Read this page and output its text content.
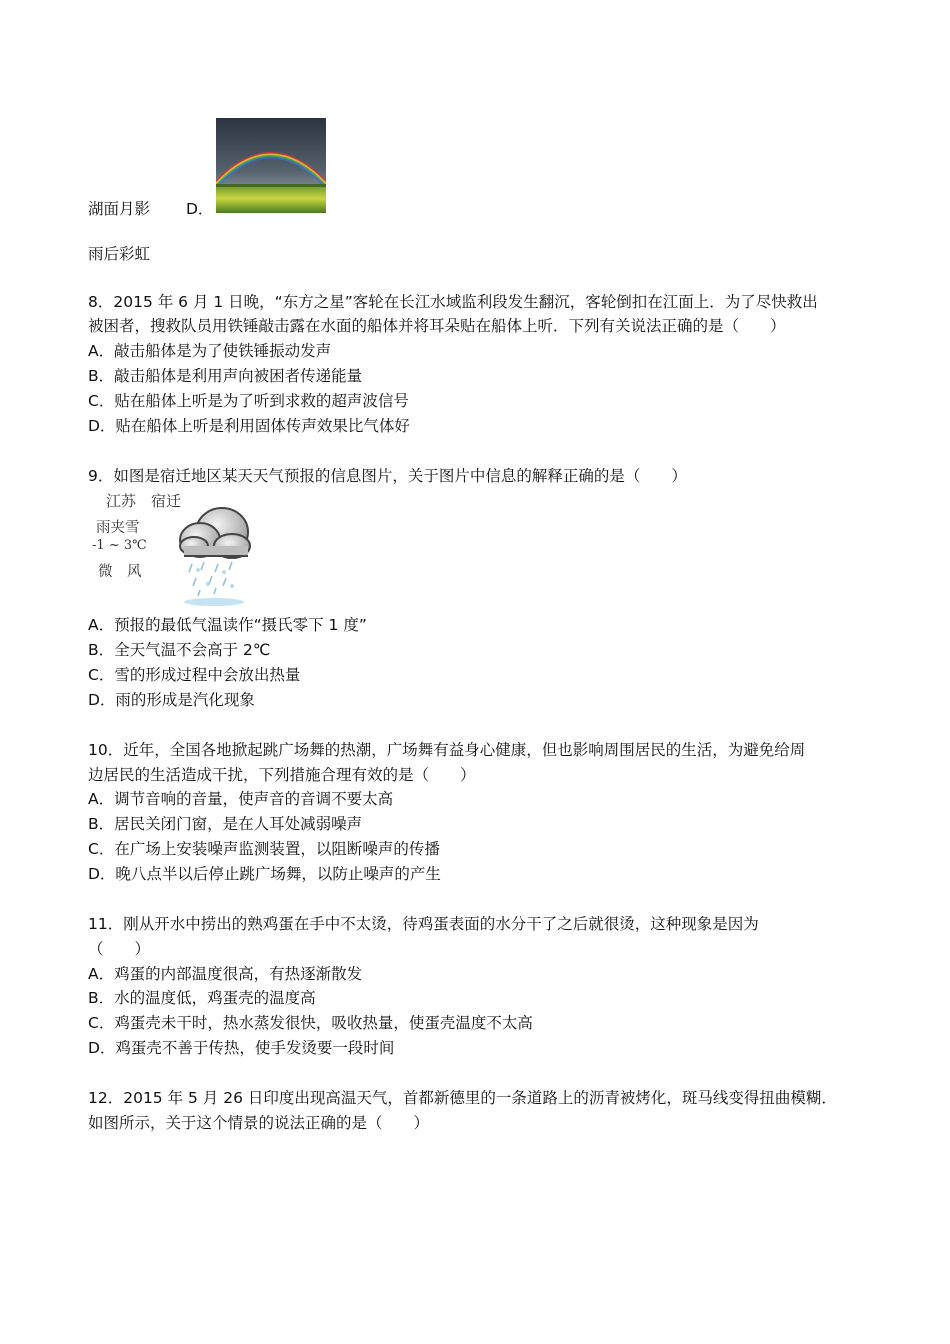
湖面月影 D．
雨后彩虹
8．2015 年 6 月 1 日晚，“东方之星”客轮在长江水域监利段发生翻沉，客轮倒扣在江面上．为了尽快救出
被困者，搜救队员用铁锤敲击露在水面的船体并将耳朵贴在船体上听．下列有关说法正确的是（　　）
A．敲击船体是为了使铁锤振动发声
B．敲击船体是利用声向被困者传递能量
C．贴在船体上听是为了听到求救的超声波信号
D．贴在船体上听是利用固体传声效果比气体好
9．如图是宿迁地区某天天气预报的信息图片，关于图片中信息的解释正确的是（　　）
江苏　宿迁
雨夹雪
-1 ~ 3℃
微　风
A．预报的最低气温读作“摄氏零下 1 度”
B．全天气温不会高于 2℃
C．雪的形成过程中会放出热量
D．雨的形成是汽化现象
10．近年，全国各地掀起跳广场舞的热潮，广场舞有益身心健康，但也影响周围居民的生活，为避免给周
边居民的生活造成干扰，下列措施合理有效的是（　　）
A．调节音响的音量，使声音的音调不要太高
B．居民关闭门窗，是在人耳处减弱噪声
C．在广场上安装噪声监测装置，以阻断噪声的传播
D．晚八点半以后停止跳广场舞，以防止噪声的产生
11．刚从开水中捞出的熟鸡蛋在手中不太烫，待鸡蛋表面的水分干了之后就很烫，这种现象是因为
（　　）
A．鸡蛋的内部温度很高，有热逐渐散发
B．水的温度低，鸡蛋壳的温度高
C．鸡蛋壳未干时，热水蒸发很快，吸收热量，使蛋壳温度不太高
D．鸡蛋壳不善于传热，使手发烫要一段时间
12．2015 年 5 月 26 日印度出现高温天气，首都新德里的一条道路上的沥青被烤化，斑马线变得扭曲模糊．
如图所示，关于这个情景的说法正确的是（　　）
